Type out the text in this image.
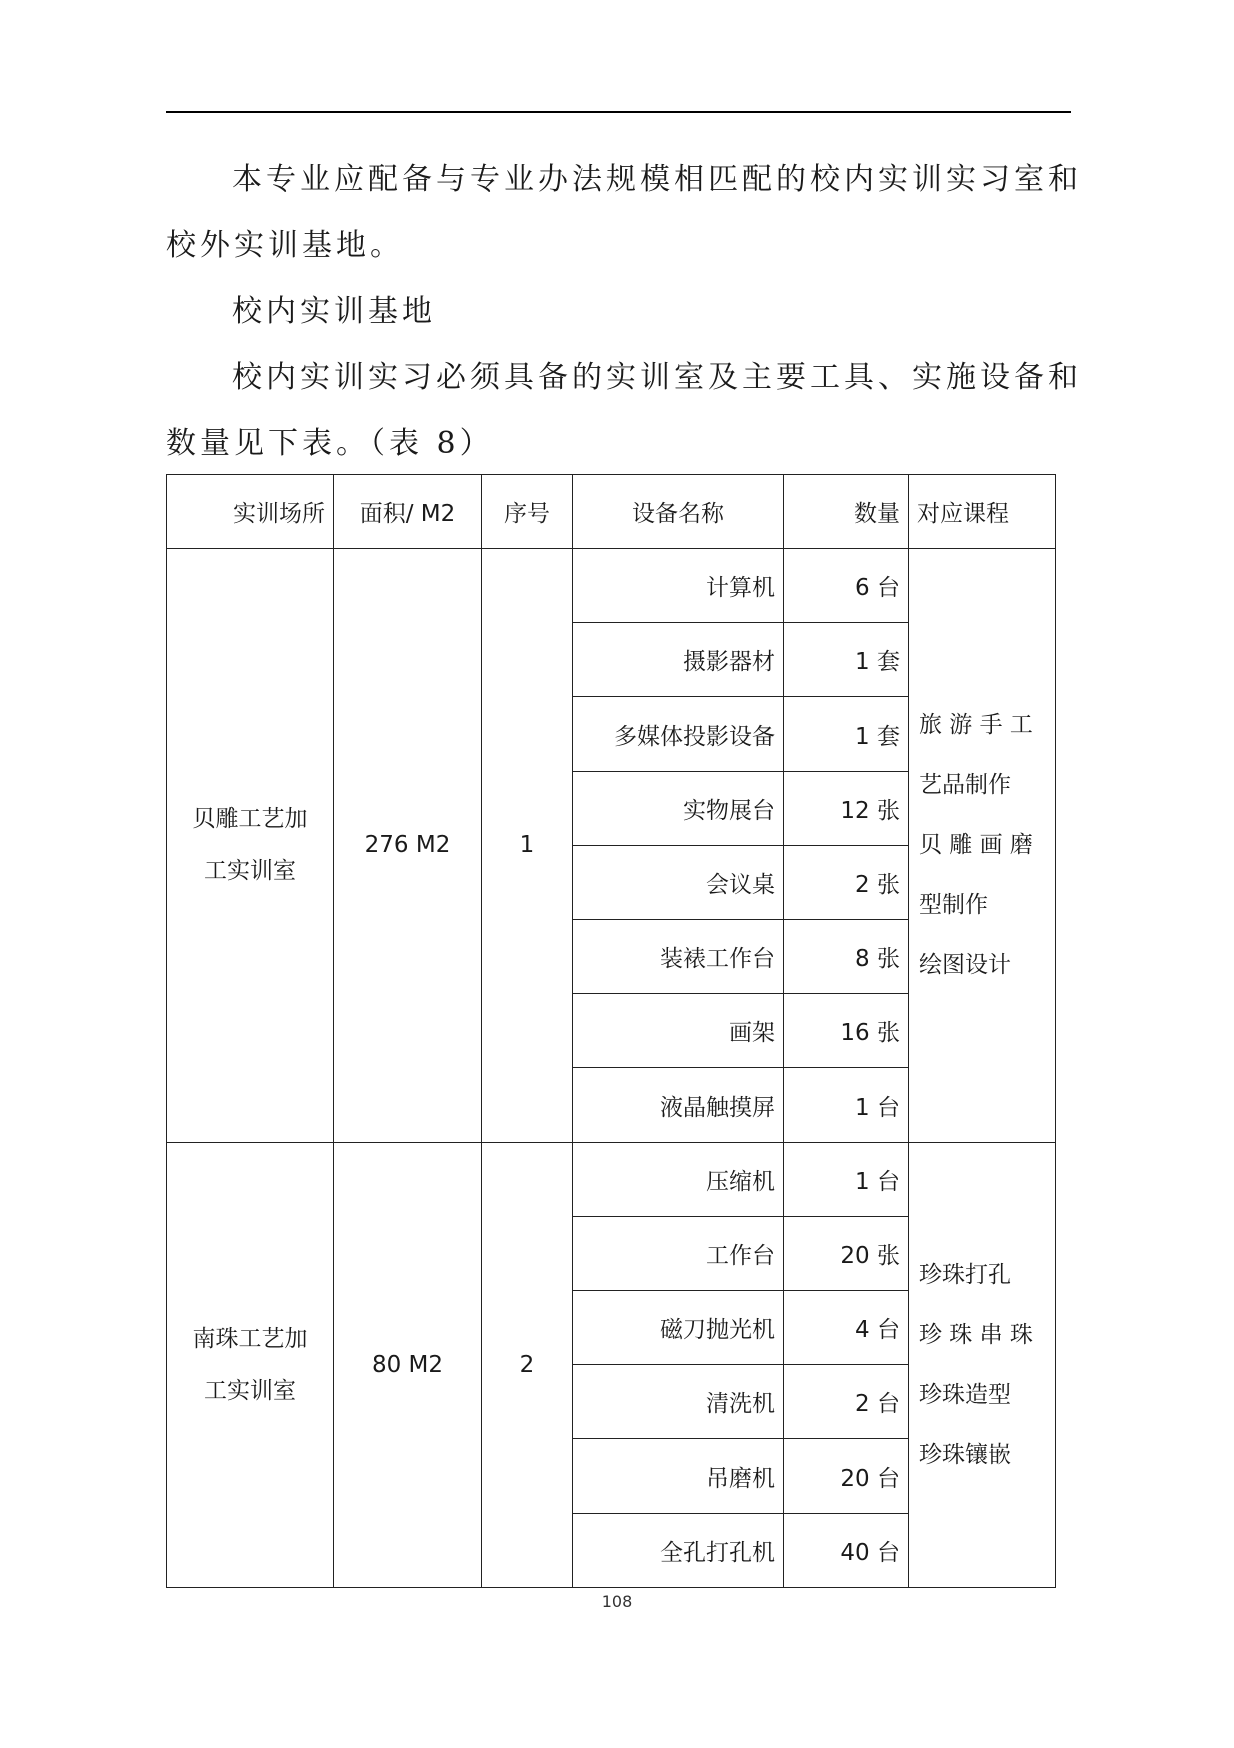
本专业应配备与专业办法规模相匹配的校内实训实习室和

校外实训基地。

校内实训基地

校内实训实习必须具备的实训室及主要工具、实施设备和

数量见下表。（表 8）

实训场所	面积/ M2	序号	设备名称	数量	对应课程
贝雕工艺加
工实训室	276 M2	1	计算机	6 台	旅 游 手 工
艺品制作
贝 雕 画 磨
型制作
绘图设计

			摄影器材	1 套	
			多媒体投影设备	1 套	
			实物展台	12 张	
			会议桌	2 张	
			装裱工作台	8 张	
			画架	16 张	
			液晶触摸屏	1 台	
南珠工艺加
工实训室	80 M2	2	压缩机	1 台	珍珠打孔
珍 珠 串 珠
珍珠造型
珍珠镶嵌

			工作台	20 张	
			磁刀抛光机	4 台	
			清洗机	2 台	
			吊磨机	20 台	
			全孔打孔机	40 台	
108
